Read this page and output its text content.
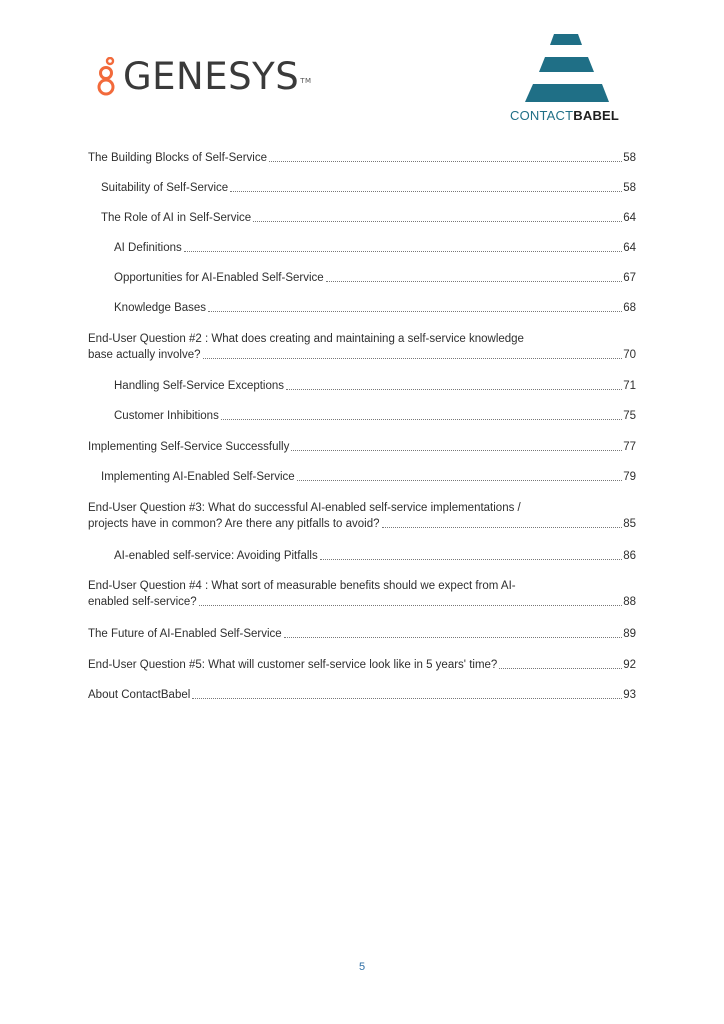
GENESYS™
CONTACTBABEL
The Building Blocks of Self-Service	58
Suitability of Self-Service	58
The Role of AI in Self-Service	64
AI Definitions	64
Opportunities for AI-Enabled Self-Service	67
Knowledge Bases	68
End-User Question #2 : What does creating and maintaining a self-service knowledge
base actually involve?	70
Handling Self-Service Exceptions	71
Customer Inhibitions	75
Implementing Self-Service Successfully	77
Implementing AI-Enabled Self-Service	79
End-User Question #3: What do successful AI-enabled self-service implementations /
projects have in common? Are there any pitfalls to avoid?	85
AI-enabled self-service: Avoiding Pitfalls	86
End-User Question #4 : What sort of measurable benefits should we expect from AI-
enabled self-service?	88
The Future of AI-Enabled Self-Service	89
End-User Question #5: What will customer self-service look like in 5 years' time?	92
About ContactBabel	93
5
